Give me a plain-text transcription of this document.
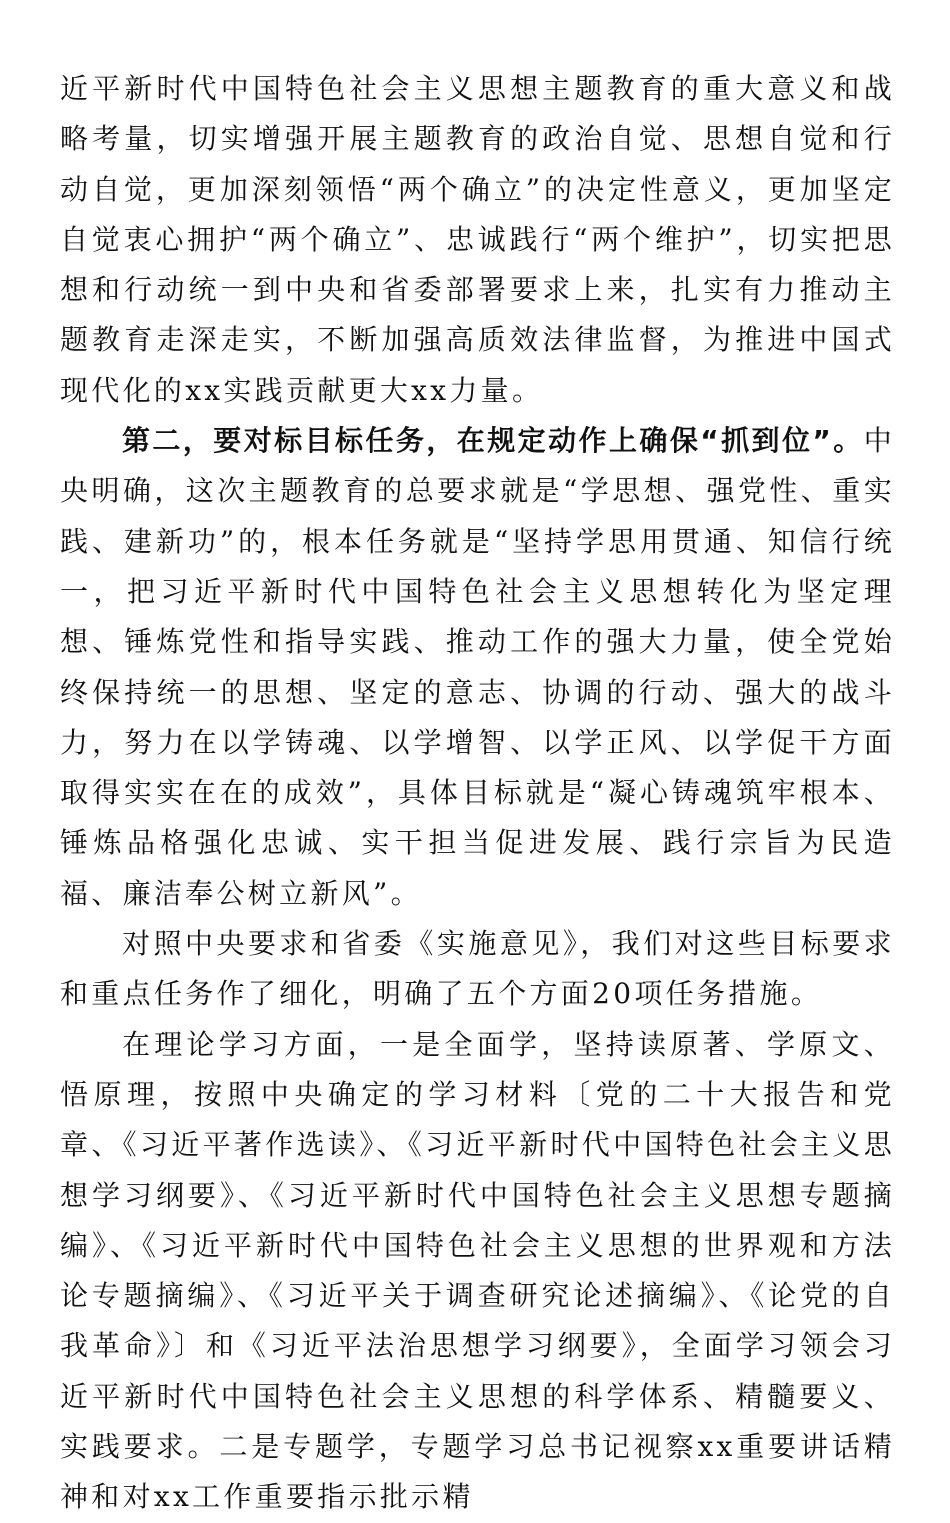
近平新时代中国特色社会主义思想主题教育的重大意义和战略考量，切实增强开展主题教育的政治自觉、思想自觉和行动自觉，更加深刻领悟“两个确立”的决定性意义，更加坚定自觉衷心拥护“两个确立”、忠诚践行“两个维护”，切实把思想和行动统一到中央和省委部署要求上来，扎实有力推动主题教育走深走实，不断加强高质效法律监督，为推进中国式现代化的xx实践贡献更大xx力量。

第二，要对标目标任务，在规定动作上确保“抓到位”。中央明确，这次主题教育的总要求就是“学思想、强党性、重实践、建新功”的，根本任务就是“坚持学思用贯通、知信行统一，把习近平新时代中国特色社会主义思想转化为坚定理想、锤炼党性和指导实践、推动工作的强大力量，使全党始终保持统一的思想、坚定的意志、协调的行动、强大的战斗力，努力在以学铸魂、以学增智、以学正风、以学促干方面取得实实在在的成效”，具体目标就是“凝心铸魂筑牢根本、锤炼品格强化忠诚、实干担当促进发展、践行宗旨为民造福、廉洁奉公树立新风”。

对照中央要求和省委《实施意见》，我们对这些目标要求和重点任务作了细化，明确了五个方面20项任务措施。

在理论学习方面，一是全面学，坚持读原著、学原文、悟原理，按照中央确定的学习材料〔党的二十大报告和党章、《习近平著作选读》、《习近平新时代中国特色社会主义思想学习纲要》、《习近平新时代中国特色社会主义思想专题摘编》、《习近平新时代中国特色社会主义思想的世界观和方法论专题摘编》、《习近平关于调查研究论述摘编》、《论党的自我革命》〕和《习近平法治思想学习纲要》，全面学习领会习近平新时代中国特色社会主义思想的科学体系、精髓要义、实践要求。二是专题学，专题学习总书记视察xx重要讲话精神和对xx工作重要指示批示精
